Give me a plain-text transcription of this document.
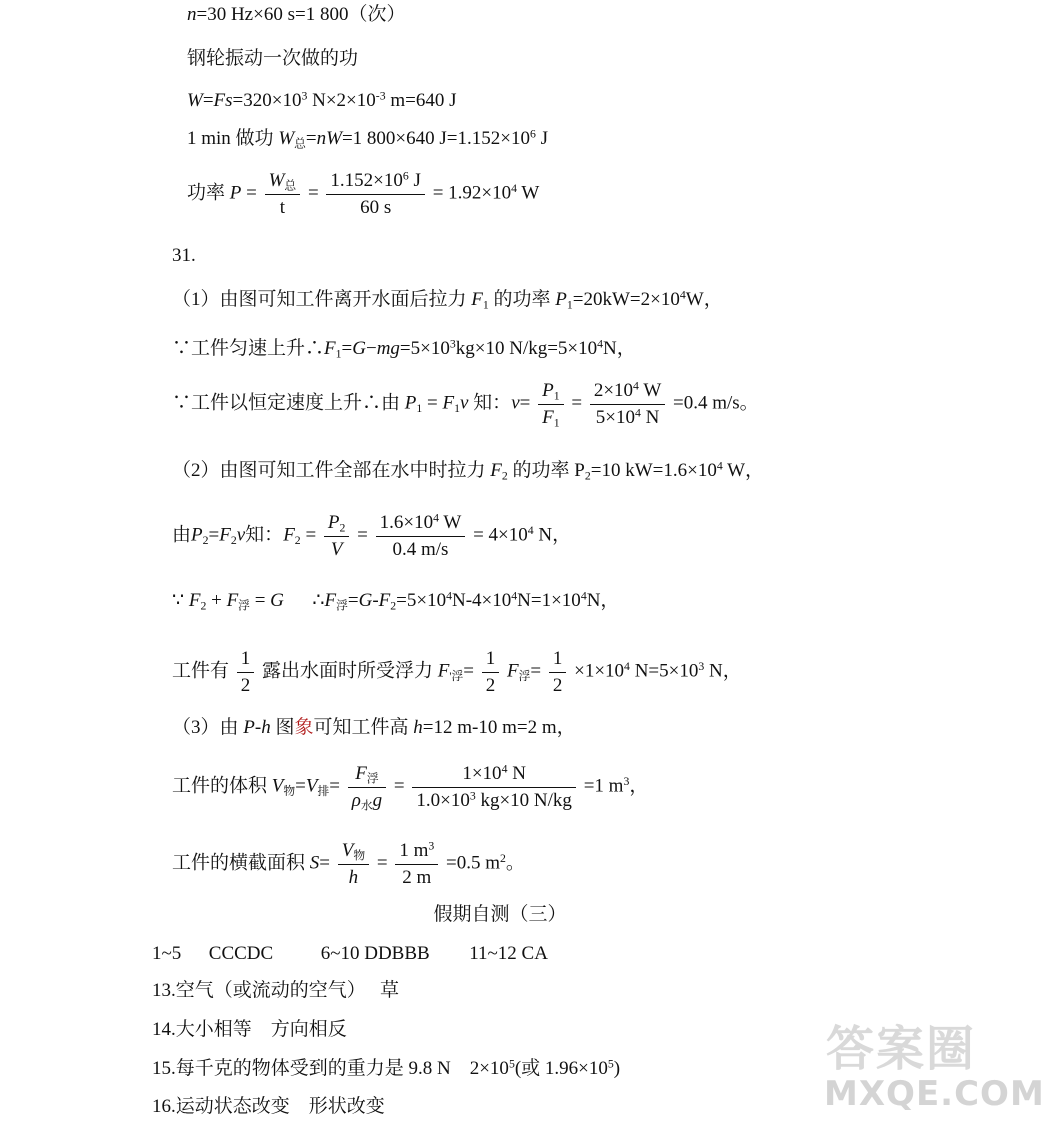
n=30 Hz×60 s=1 800（次）
钢轮振动一次做的功
$W=Fs=320\times 10^3$ $N\times 2\times 10^{-3}$ m=640 J
1 min 做功 $W_总=nW=1$ 800×640 $J=1.152\times 10^6$ J
功率 $P = \frac{W_总}{t} = \frac{1.152\times 10^6 J}{60 s} = 1.92\times 10^4$ W
31.
（1）由图可知工件离开水面后拉力 $F_1$ 的功率 $P_1=20kW=2\times 10^4W$，
∵工件匀速上升$\therefore F_1=G-mg=5\times 10^3kg\times 10$ $N/kg=5\times 10^4N$，
∵工件以恒定速度上升∴由 $P_1 = F_1v$ 知：$v= \frac{P_1}{F_1} = \frac{2\times 10^4 W}{5\times 10^4 N} =0.4$ m/s。
（2）由图可知工件全部在水中时拉力 $F_2$ 的功率 $P_2=10$ $kW=1.6\times 10^4$ W，
由$P_2=F_2v$知：$F_2 = \frac{P_2}{V} = \frac{1.6\times 10^4 W}{0.4 m/s} = 4\times 10^4$ N，
∵ $F_2 + F_浮 = G$      $\therefore F_浮=G-F_2=5\times 10^4N-4\times 10^4N=1\times 10^4N$，
工件有 $\frac{1}{2}$ 露出水面时所受浮力 $F_{'浮}= \frac{1}{2} F_浮= \frac{1}{2} \times 1\times 10^4$ $N=5\times 10^3$ N，
（3）由 P-h 图象可知工件高 h=12 m-10 m=2 m，
工件的体积 $V_物=V_排= \frac{F_浮}{\rho_水g} = \frac{1\times 10^4 N}{1.0\times 10^3 kg\times 10 N/kg} =1$ $m^3$，
工件的横截面积 $S= \frac{V_物}{h} = \frac{1 m^3}{2 m} =0.5$ $m^2$。
假期自测（三）
1~5 CCCDC	6~10 DDBBB 11~12 CA
13.空气（或流动的空气）   草
14.大小相等    方向相反
15.每千克的物体受到的重力是 9.8 N    $2\times 10^5$(或 $1.96\times 10^5$)
16.运动状态改变    形状改变
答案圈
MXQE.COM
